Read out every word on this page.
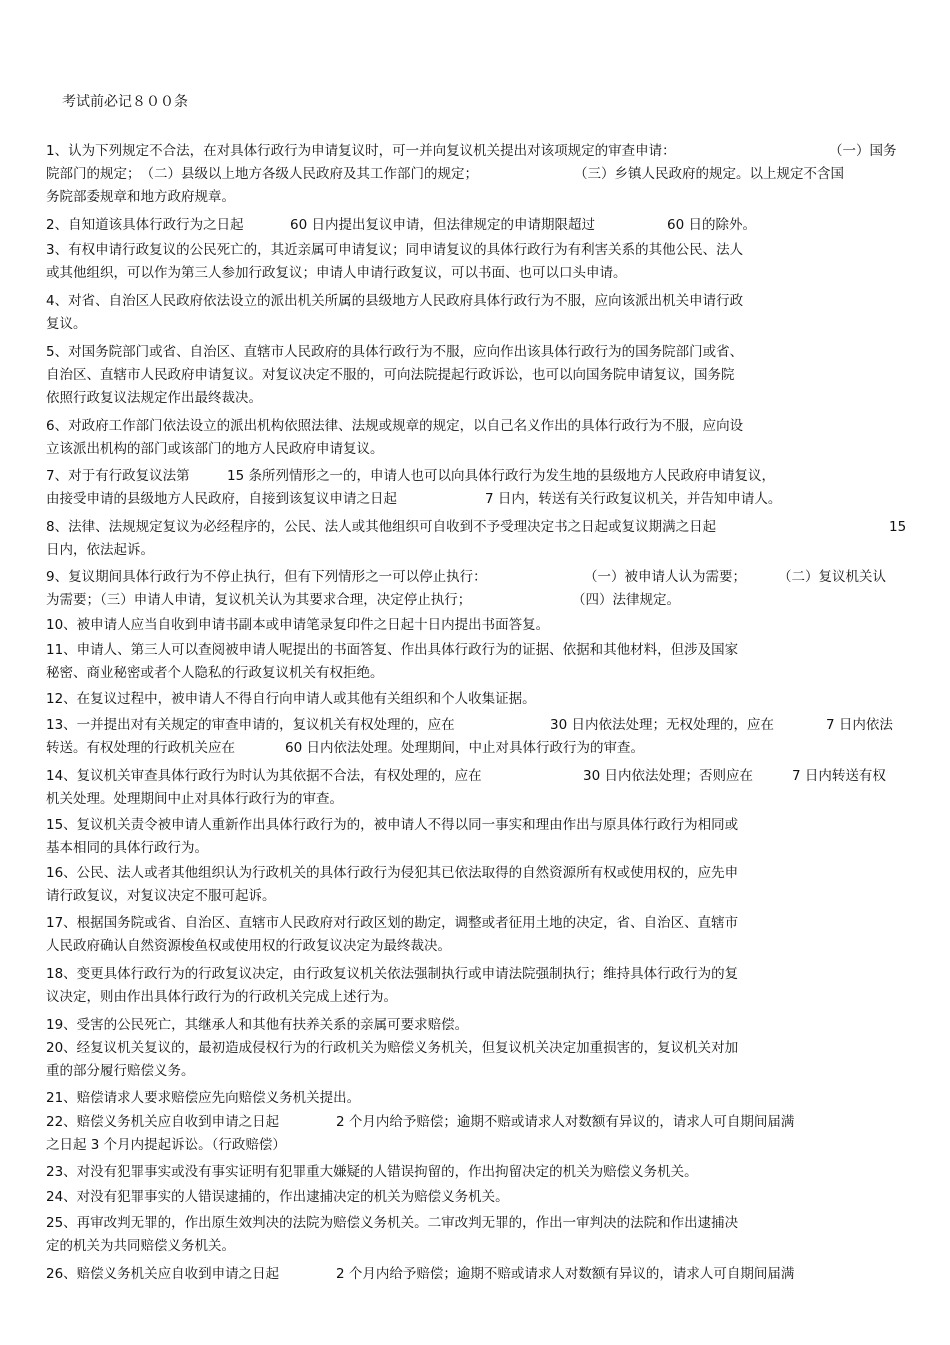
考试前必记８００条
1、认为下列规定不合法，在对具体行政行为申请复议时，可一并向复议机关提出对该项规定的审查申请：	（一）国务
院部门的规定；　（二）县级以上地方各级人民政府及其工作部门的规定；	（三）乡镇人民政府的规定。以上规定不含国
务院部委规章和地方政府规章。
2、自知道该具体行政行为之日起	60 日内提出复议申请，但法律规定的申请期限超过	60 日的除外。
3、有权申请行政复议的公民死亡的，其近亲属可申请复议；同申请复议的具体行政行为有利害关系的其他公民、法人
或其他组织，可以作为第三人参加行政复议；申请人申请行政复议，可以书面、也可以口头申请。
4、对省、自治区人民政府依法设立的派出机关所属的县级地方人民政府具体行政行为不服，应向该派出机关申请行政
复议。
5、对国务院部门或省、自治区、直辖市人民政府的具体行政行为不服，应向作出该具体行政行为的国务院部门或省、
自治区、直辖市人民政府申请复议。对复议决定不服的，可向法院提起行政诉讼，也可以向国务院申请复议，国务院
依照行政复议法规定作出最终裁决。
6、对政府工作部门依法设立的派出机构依照法律、法规或规章的规定，以自己名义作出的具体行政行为不服，应向设
立该派出机构的部门或该部门的地方人民政府申请复议。
7、对于有行政复议法第	15 条所列情形之一的，申请人也可以向具体行政行为发生地的县级地方人民政府申请复议，
由接受申请的县级地方人民政府，自接到该复议申请之日起	7 日内，转送有关行政复议机关，并告知申请人。
8、法律、法规规定复议为必经程序的，公民、法人或其他组织可自收到不予受理决定书之日起或复议期满之日起	15
日内，依法起诉。
9、复议期间具体行政行为不停止执行，但有下列情形之一可以停止执行：	（一）被申请人认为需要； （二）复议机关认
为需要；（三）申请人申请，复议机关认为其要求合理，决定停止执行；	（四）法律规定。
10、被申请人应当自收到申请书副本或申请笔录复印件之日起十日内提出书面答复。
11、申请人、第三人可以查阅被申请人呢提出的书面答复、作出具体行政行为的证据、依据和其他材料，但涉及国家
秘密、商业秘密或者个人隐私的行政复议机关有权拒绝。
12、在复议过程中，被申请人不得自行向申请人或其他有关组织和个人收集证据。
13、一并提出对有关规定的审查申请的，复议机关有权处理的，应在	30 日内依法处理；无权处理的，应在	7 日内依法
转送。有权处理的行政机关应在	60 日内依法处理。处理期间，中止对具体行政行为的审查。
14、复议机关审查具体行政行为时认为其依据不合法，有权处理的，应在	30 日内依法处理；否则应在	7 日内转送有权
机关处理。处理期间中止对具体行政行为的审查。
15、复议机关责令被申请人重新作出具体行政行为的，被申请人不得以同一事实和理由作出与原具体行政行为相同或
基本相同的具体行政行为。
16、公民、法人或者其他组织认为行政机关的具体行政行为侵犯其已依法取得的自然资源所有权或使用权的，应先申
请行政复议，对复议决定不服可起诉。
17、根据国务院或省、自治区、直辖市人民政府对行政区划的勘定，调整或者征用土地的决定，省、自治区、直辖市
人民政府确认自然资源梭鱼权或使用权的行政复议决定为最终裁决。
18、变更具体行政行为的行政复议决定，由行政复议机关依法强制执行或申请法院强制执行；维持具体行政行为的复
议决定，则由作出具体行政行为的行政机关完成上述行为。
19、受害的公民死亡，其继承人和其他有扶养关系的亲属可要求赔偿。
20、经复议机关复议的，最初造成侵权行为的行政机关为赔偿义务机关，但复议机关决定加重损害的，复议机关对加
重的部分履行赔偿义务。
21、赔偿请求人要求赔偿应先向赔偿义务机关提出。
22、赔偿义务机关应自收到申请之日起	2 个月内给予赔偿；逾期不赔或请求人对数额有异议的，请求人可自期间届满
之日起 3 个月内提起诉讼。（行政赔偿）
23、对没有犯罪事实或没有事实证明有犯罪重大嫌疑的人错误拘留的，作出拘留决定的机关为赔偿义务机关。
24、对没有犯罪事实的人错误逮捕的，作出逮捕决定的机关为赔偿义务机关。
25、再审改判无罪的，作出原生效判决的法院为赔偿义务机关。二审改判无罪的，作出一审判决的法院和作出逮捕决
定的机关为共同赔偿义务机关。
26、赔偿义务机关应自收到申请之日起	2 个月内给予赔偿；逾期不赔或请求人对数额有异议的，请求人可自期间届满
